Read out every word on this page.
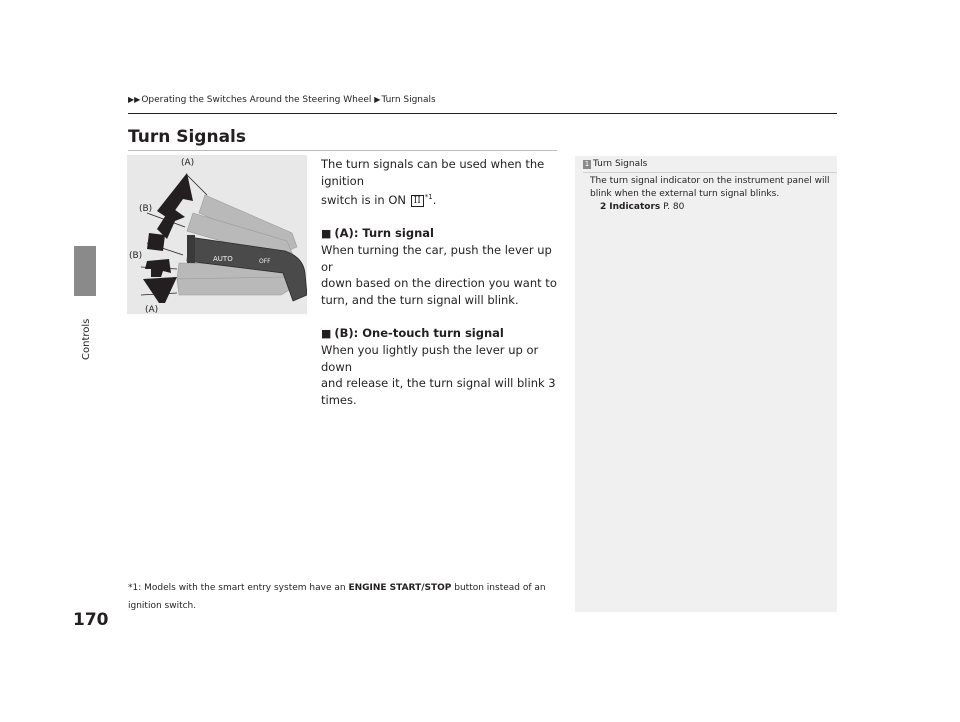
Controls
170
▶▶Operating the Switches Around the Steering Wheel ▶Turn Signals
Turn Signals
AUTO	OFF
(A)
(B)
(B)
(A)

The turn signals can be used when the ignition

switch is in ON II $^{*1}$.

■ (A): Turn signal

When turning the car, push the lever up or

down based on the direction you want to

turn, and the turn signal will blink.

■ (B): One-touch turn signal

When you lightly push the lever up or down

and release it, the turn signal will blink 3

times.

*1: Models with the smart entry system have an ENGINE START/STOP button instead of an
ignition switch.
1 Turn Signals
The turn signal indicator on the instrument panel will
blink when the external turn signal blinks.
2 Indicators P. 80
